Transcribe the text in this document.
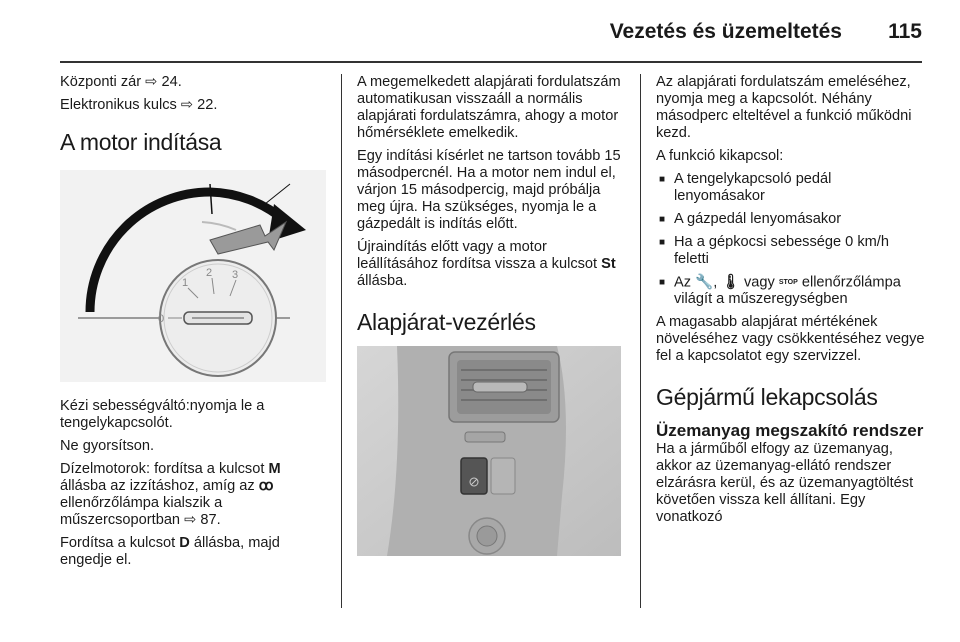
Vezetés és üzemeltetés 115

Központi zár ⇨ 24.

Elektronikus kulcs ⇨ 22.

A motor indítása
0
1
2 3

Kézi sebességváltó:nyomja le a tengelykapcsolót.

Ne gyorsítson.

Dízelmotorok: fordítsa a kulcsot M állásba az izzításhoz, amíg az ꝏ ellenőrzőlámpa kialszik a műszercsoportban ⇨ 87.

Fordítsa a kulcsot D állásba, majd engedje el.

A megemelkedett alapjárati fordulatszám automatikusan visszaáll a normális alapjárati fordulatszámra, ahogy a motor hőmérséklete emelkedik.

Egy indítási kísérlet ne tartson tovább 15 másodpercnél. Ha a motor nem indul el, várjon 15 másodpercig, majd próbálja meg újra. Ha szükséges, nyomja le a gázpedált is indítás előtt.

Újraindítás előtt vagy a motor leállításához fordítsa vissza a kulcsot St állásba.

Alapjárat-vezérlés

Az alapjárati fordulatszám emeléséhez, nyomja meg a kapcsolót. Néhány másodperc elteltével a funkció működni kezd.

A funkció kikapcsol:

■ A tengelykapcsoló pedál lenyomásakor
■ A gázpedál lenyomásakor
■ Ha a gépkocsi sebessége 0 km/h feletti
■ Az 🔧, 🌡 vagy STOP ellenőrzőlámpa világít a műszeregységben

A magasabb alapjárat mértékének növeléséhez vagy csökkentéséhez vegye fel a kapcsolatot egy szervizzel.

Gépjármű lekapcsolás
Üzemanyag megszakító rendszer

Ha a járműből elfogy az üzemanyag, akkor az üzemanyag-ellátó rendszer elzárásra kerül, és az üzemanyagtöltést követően vissza kell állítani. Egy vonatkozó
